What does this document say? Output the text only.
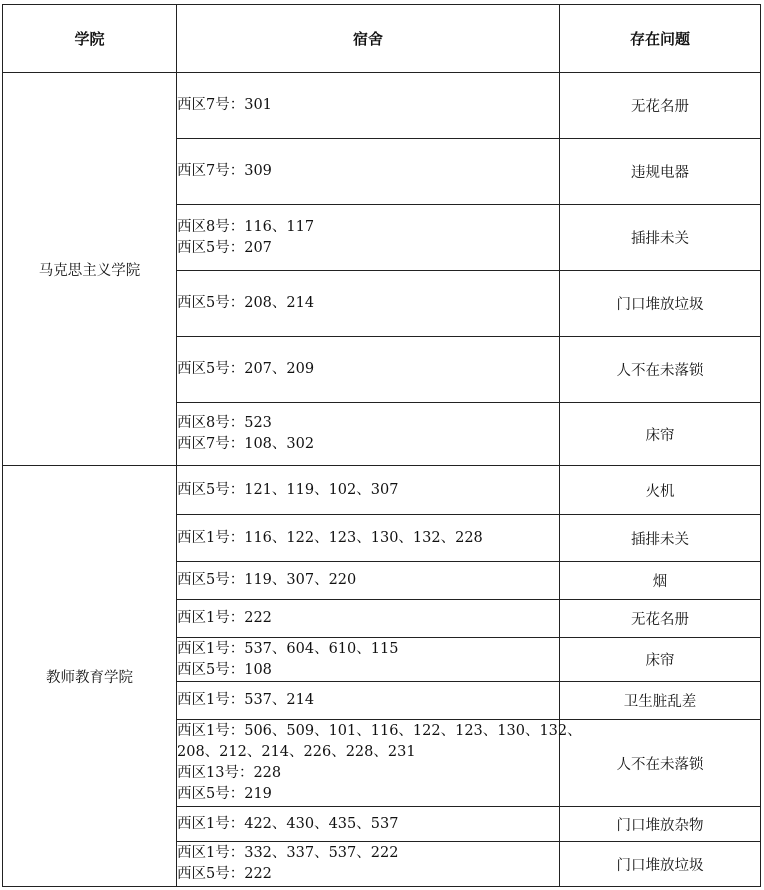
学院	宿舍	存在问题
马克思主义学院	西区7号：301	无花名册

	西区7号：309	违规电器

	西区8号：116、117
西区5号：207	插排未关

	西区5号：208、214	门口堆放垃圾

	西区5号：207、209	人不在未落锁

	西区8号：523
西区7号：108、302	床帘
教师教育学院	西区5号：121、119、102、307	火机

	西区1号：116、122、123、130、132、228	插排未关

	西区5号：119、307、220	烟

	西区1号：222	无花名册

	西区1号：537、604、610、115
西区5号：108	床帘

	西区1号：537、214	卫生脏乱差

	西区1号：506、509、101、116、122、123、130、132、
208、212、214、226、228、231
西区13号：228
西区5号：219	人不在未落锁

	西区1号：422、430、435、537	门口堆放杂物

	西区1号：332、337、537、222
西区5号：222	门口堆放垃圾
